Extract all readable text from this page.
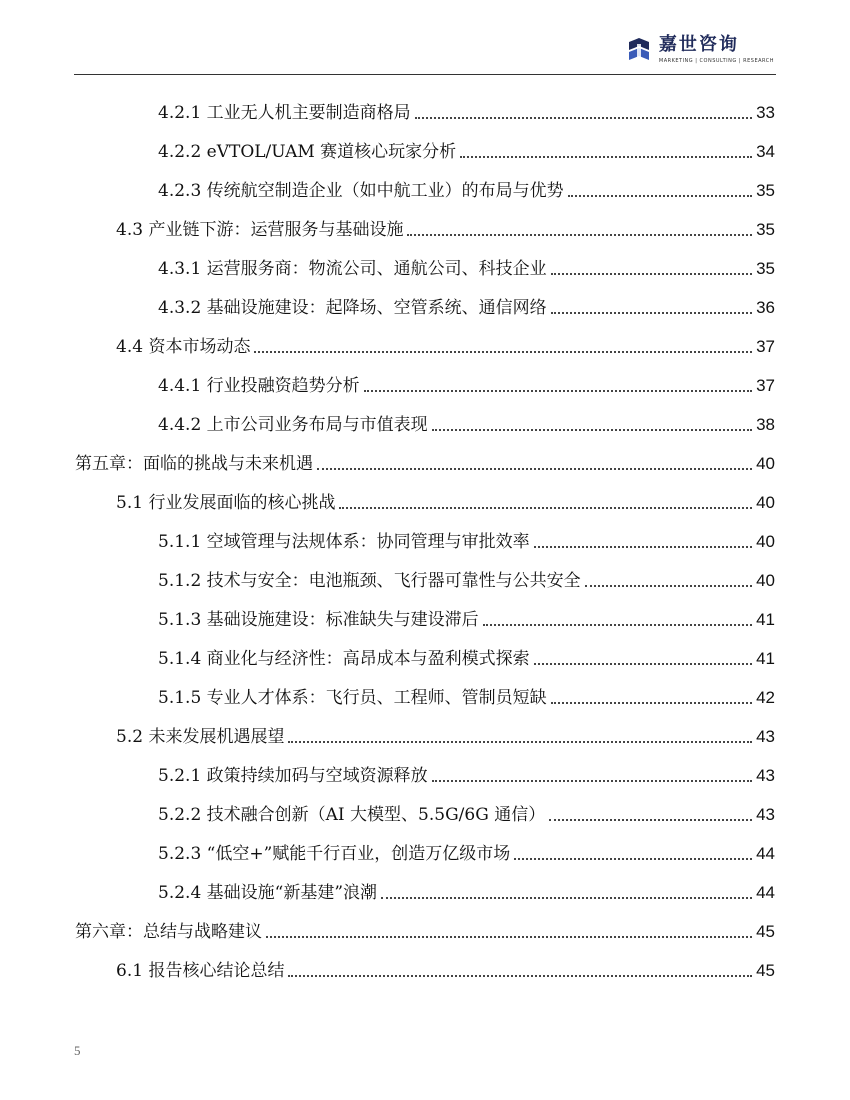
嘉世咨询
MARKETING | CONSULTING | RESEARCH
4.2.1 工业无人机主要制造商格局	33
4.2.2 eVTOL/UAM 赛道核心玩家分析	34
4.2.3 传统航空制造企业（如中航工业）的布局与优势	35
4.3 产业链下游：运营服务与基础设施	35
4.3.1 运营服务商：物流公司、通航公司、科技企业	35
4.3.2 基础设施建设：起降场、空管系统、通信网络	36
4.4 资本市场动态	37
4.4.1 行业投融资趋势分析	37
4.4.2 上市公司业务布局与市值表现	38
第五章：面临的挑战与未来机遇	40
5.1 行业发展面临的核心挑战	40
5.1.1 空域管理与法规体系：协同管理与审批效率	40
5.1.2 技术与安全：电池瓶颈、飞行器可靠性与公共安全	40
5.1.3 基础设施建设：标准缺失与建设滞后	41
5.1.4 商业化与经济性：高昂成本与盈利模式探索	41
5.1.5 专业人才体系：飞行员、工程师、管制员短缺	42
5.2 未来发展机遇展望	43
5.2.1 政策持续加码与空域资源释放	43
5.2.2 技术融合创新（AI 大模型、5.5G/6G 通信）	43
5.2.3 “低空+”赋能千行百业，创造万亿级市场	44
5.2.4 基础设施“新基建”浪潮	44
第六章：总结与战略建议	45
6.1 报告核心结论总结	45
5
